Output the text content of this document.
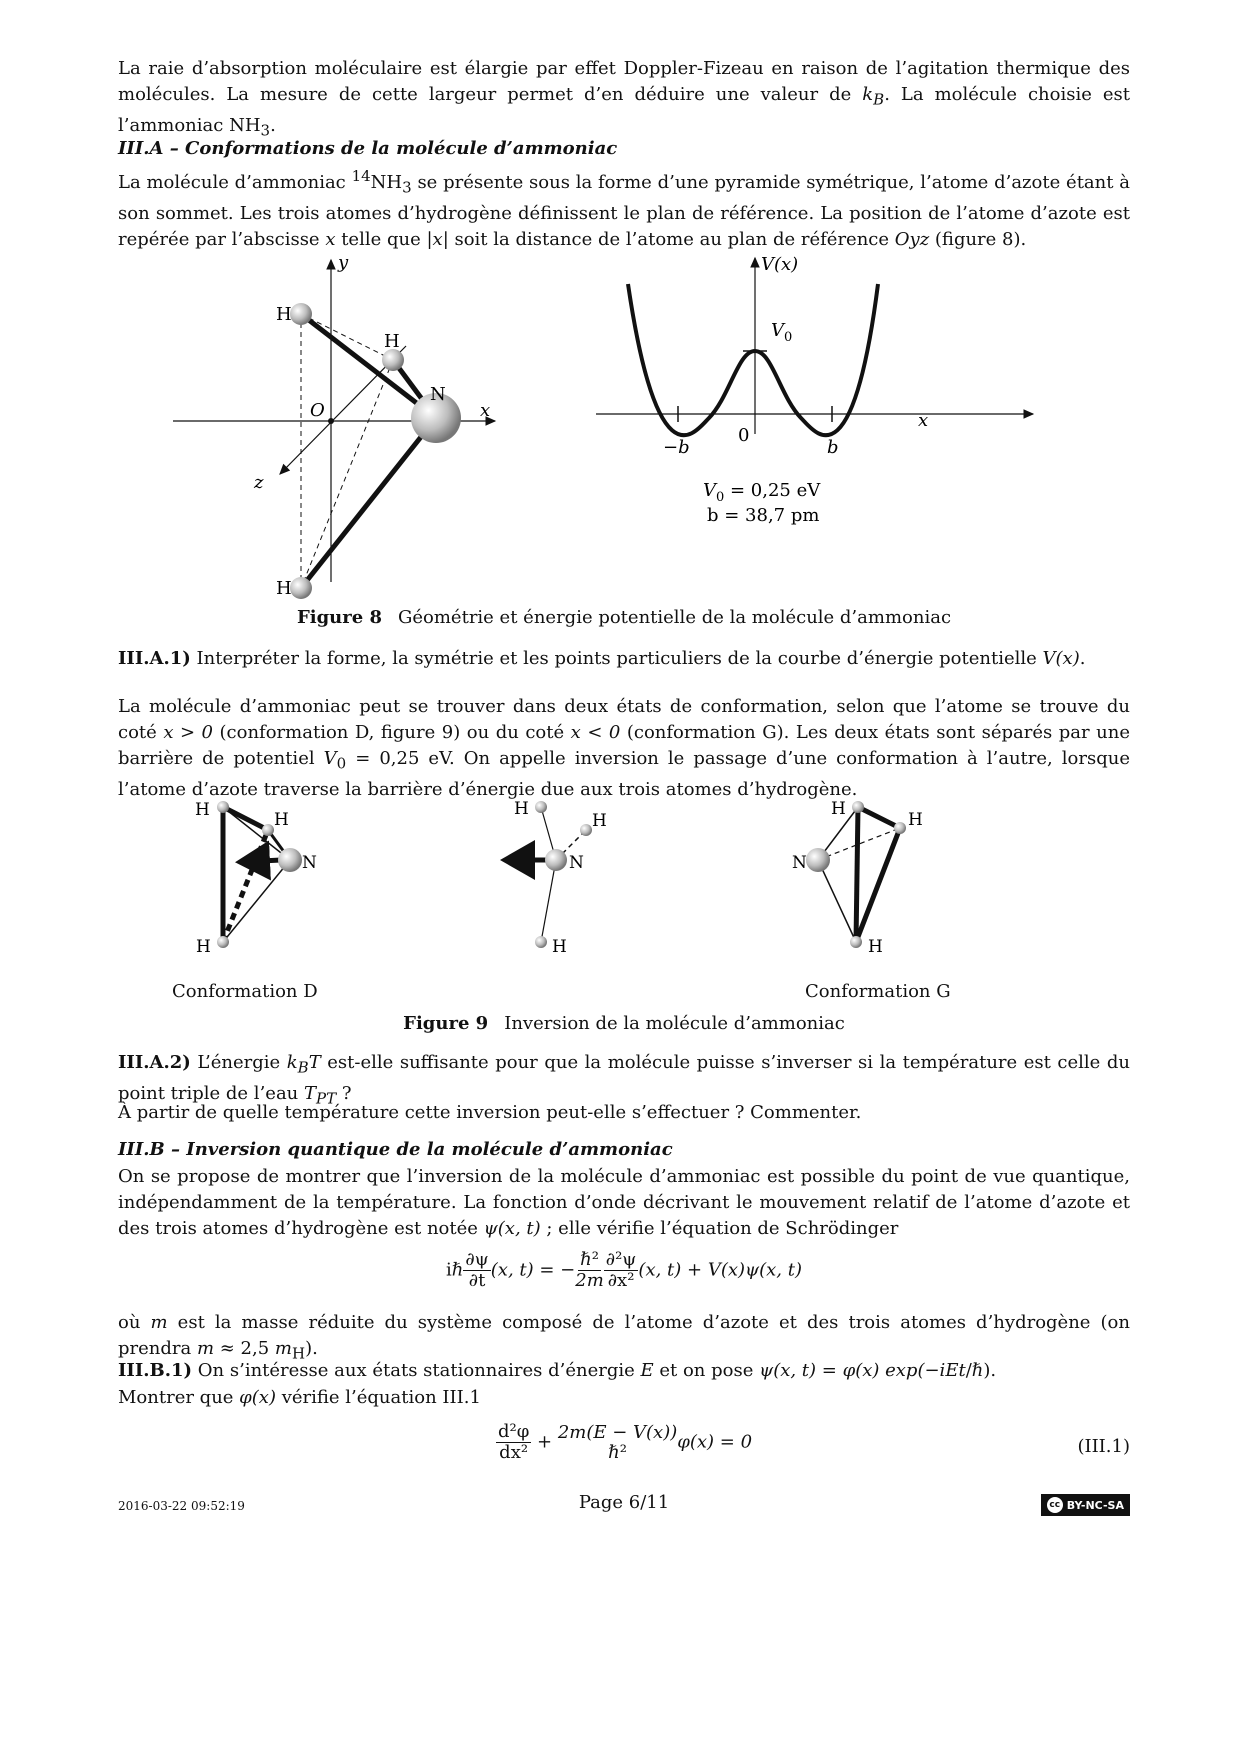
La raie d’absorption moléculaire est élargie par effet Doppler-Fizeau en raison de l’agitation thermique des molécules. La mesure de cette largeur permet d’en déduire une valeur de $k_B$. La molécule choisie est l’ammoniac $NH_3$.

III.A – Conformations de la molécule d’ammoniac

La molécule d’ammoniac $^{14}NH_3$ se présente sous la forme d’une pyramide symétrique, l’atome d’azote étant à son sommet. Les trois atomes d’hydrogène définissent le plan de référence. La position de l’atome d’azote est repérée par l’abscisse x telle que |x| soit la distance de l’atome au plan de référence Oyz (figure 8).

y
x
z
O
H
H
H
N
V(x)
$V_0$
x
−b
0
b
$V_0 = 0,25$ eV
b = 38,7 pm
Figure 8 Géométrie et énergie potentielle de la molécule d’ammoniac

III.A.1) Interpréter la forme, la symétrie et les points particuliers de la courbe d’énergie potentielle V(x).

La molécule d’ammoniac peut se trouver dans deux états de conformation, selon que l’atome se trouve du coté x > 0 (conformation D, figure 9) ou du coté x < 0 (conformation G). Les deux états sont séparés par une barrière de potentiel $V_0 = 0,25$ eV. On appelle inversion le passage d’une conformation à l’autre, lorsque l’atome d’azote traverse la barrière d’énergie due aux trois atomes d’hydrogène.

H	H
H
N
H
H
H
N
H
H
H
N
Conformation D	Conformation G
Figure 9 Inversion de la molécule d’ammoniac

III.A.2) L’énergie $k_BT$ est-elle suffisante pour que la molécule puisse s’inverser si la température est celle du point triple de l’eau $T_{PT}$ ?

À partir de quelle température cette inversion peut-elle s’effectuer ? Commenter.

III.B – Inversion quantique de la molécule d’ammoniac

On se propose de montrer que l’inversion de la molécule d’ammoniac est possible du point de vue quantique, indépendamment de la température. La fonction d’onde décrivant le mouvement relatif de l’atome d’azote et des trois atomes d’hydrogène est notée ψ(x, t) ; elle vérifie l’équation de Schrödinger

iℏ $\frac{\partial\psi}{\partial t} (x$, t) = − $\frac{\text{ℏ²}}{2m} \frac{\text{∂²ψ}}{\text{∂x²}} (x$, t) + V(x)ψ(x, t)

où m est la masse réduite du système composé de l’atome d’azote et des trois atomes d’hydrogène (on prendra m ≈ 2,5 $m_H$).

III.B.1) On s’intéresse aux états stationnaires d’énergie E et on pose ψ(x, t) = φ(x) exp(−iEt/ℏ).

Montrer que φ(x) vérifie l’équation III.1

$\frac{\text{d²φ}}{\text{dx²}} + 2m(E - V(x))$
ℏ²	φ(x) = 0	(III.1)
2016-03-22 09:52:19	Page 6/11	cc BY-NC-SA
